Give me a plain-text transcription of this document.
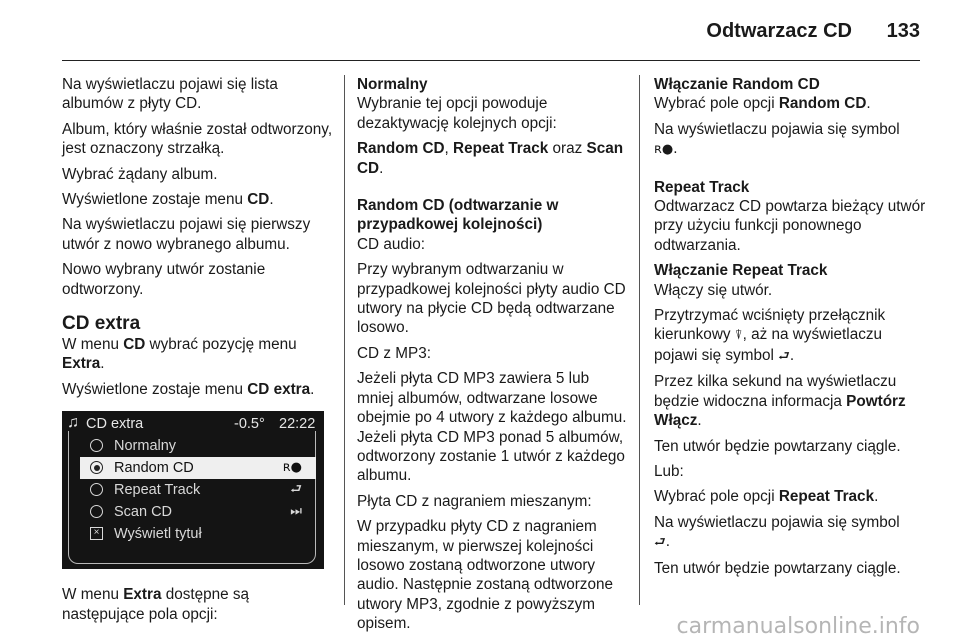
Odtwarzacz CD 133

Na wyświetlaczu pojawi się lista albumów z płyty CD.

Album, który właśnie został odtworzony, jest oznaczony strzałką.

Wybrać żądany album.

Wyświetlone zostaje menu CD.

Na wyświetlaczu pojawi się pierwszy utwór z nowo wybranego albumu.

Nowo wybrany utwór zostanie odtworzony.

CD extra

W menu CD wybrać pozycję menu Extra.

Wyświetlone zostaje menu CD extra.

♫ CD extra	-0.5° 22:22
Normalny
Random CD	ʀ●
Repeat Track	⮐
Scan CD	⏭
× Wyświetl tytuł

W menu Extra dostępne są następujące pola opcji:

Normalny

Wybranie tej opcji powoduje dezaktywację kolejnych opcji:

Random CD, Repeat Track oraz Scan CD.

Random CD (odtwarzanie w przypadkowej kolejności)

CD audio:

Przy wybranym odtwarzaniu w przypadkowej kolejności płyty audio CD utwory na płycie CD będą odtwarzane losowo.

CD z MP3:

Jeżeli płyta CD MP3 zawiera 5 lub mniej albumów, odtwarzane losowe obejmie po 4 utwory z każdego albumu. Jeżeli płyta CD MP3 ponad 5 albumów, odtworzony zostanie 1 utwór z każdego albumu.

Płyta CD z nagraniem mieszanym:

W przypadku płyty CD z nagraniem mieszanym, w pierwszej kolejności losowo zostaną odtworzone utwory audio. Następnie zostaną odtworzone utwory MP3, zgodnie z powyższym opisem.

Włączanie Random CD

Wybrać pole opcji Random CD.

Na wyświetlaczu pojawia się symbol
ʀ●.

Repeat Track

Odtwarzacz CD powtarza bieżący utwór przy użyciu funkcji ponownego odtwarzania.

Włączanie Repeat Track

Włączy się utwór.

Przytrzymać wciśnięty przełącznik kierunkowy ⍒, aż na wyświetlaczu pojawi się symbol ⮐.

Przez kilka sekund na wyświetlaczu będzie widoczna informacja Powtórz Włącz.

Ten utwór będzie powtarzany ciągle.

Lub:

Wybrać pole opcji Repeat Track.

Na wyświetlaczu pojawia się symbol
⮐.

Ten utwór będzie powtarzany ciągle.

carmanualsonline.info
